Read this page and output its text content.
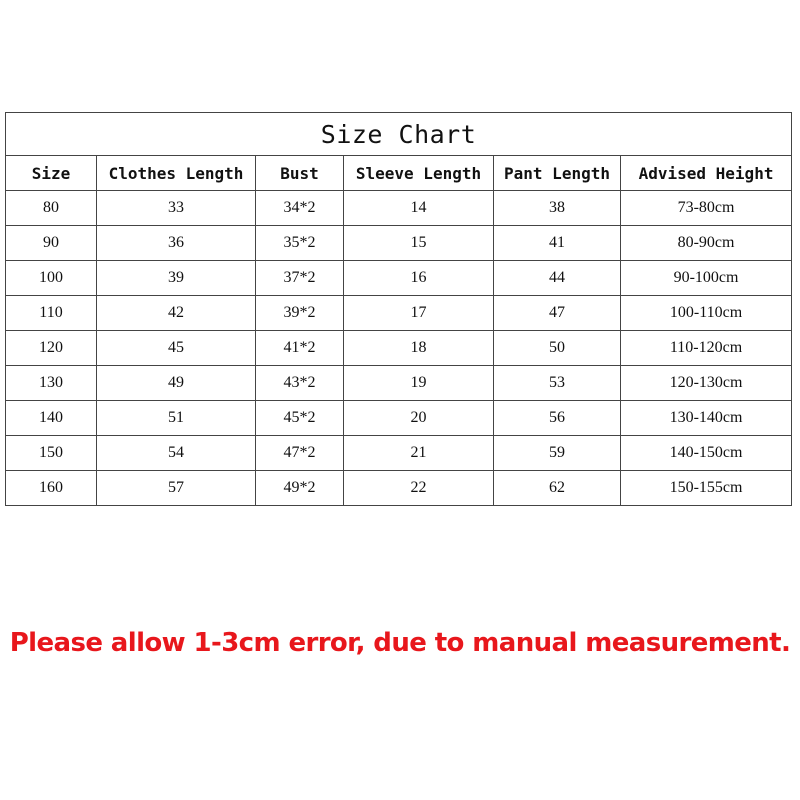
Size Chart					
Size	Clothes Length	Bust	Sleeve Length	Pant Length	Advised Height
80	33	34*2	14	38	73-80cm
90	36	35*2	15	41	80-90cm
100	39	37*2	16	44	90-100cm
110	42	39*2	17	47	100-110cm
120	45	41*2	18	50	110-120cm
130	49	43*2	19	53	120-130cm
140	51	45*2	20	56	130-140cm
150	54	47*2	21	59	140-150cm
160	57	49*2	22	62	150-155cm
Please allow 1-3cm error, due to manual measurement.
